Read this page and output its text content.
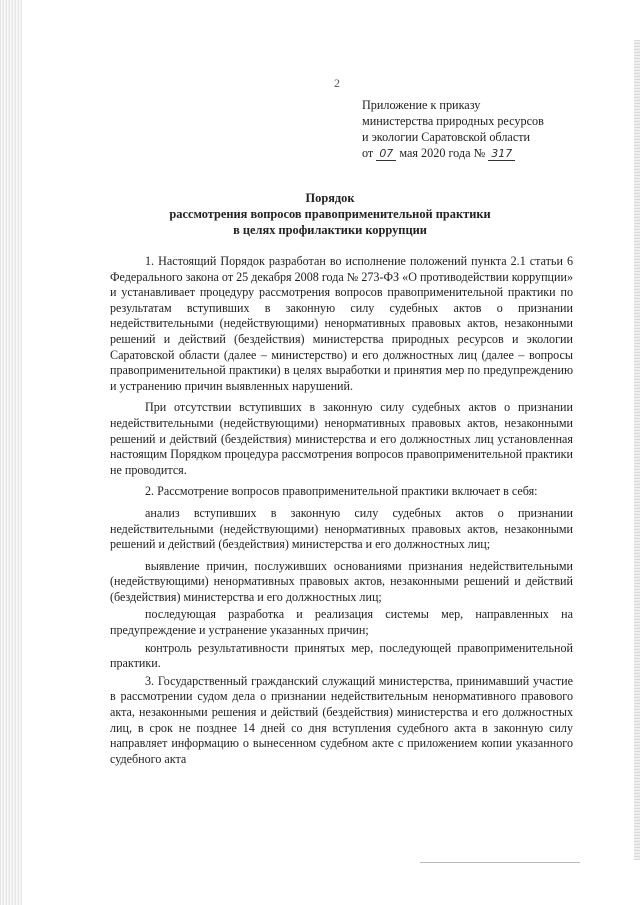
2
Приложение к приказу
министерства природных ресурсов
и экологии Саратовской области
от 07 мая 2020 года № 317
Порядок
рассмотрения вопросов правоприменительной практики
в целях профилактики коррупции

1. Настоящий Порядок разработан во исполнение положений пункта 2.1 статьи 6 Федерального закона от 25 декабря 2008 года № 273-ФЗ «О противодействии коррупции» и устанавливает процедуру рассмотрения вопросов правоприменительной практики по результатам вступивших в законную силу судебных актов о признании недействительными (недействующими) ненормативных правовых актов, незаконными решений и действий (бездействия) министерства природных ресурсов и экологии Саратовской области (далее – министерство) и его должностных лиц (далее – вопросы правоприменительной практики) в целях выработки и принятия мер по предупреждению и устранению причин выявленных нарушений.

При отсутствии вступивших в законную силу судебных актов о признании недействительными (недействующими) ненормативных правовых актов, незаконными решений и действий (бездействия) министерства и его должностных лиц установленная настоящим Порядком процедура рассмотрения вопросов правоприменительной практики не проводится.

2. Рассмотрение вопросов правоприменительной практики включает в себя:

анализ вступивших в законную силу судебных актов о признании недействительными (недействующими) ненормативных правовых актов, незаконными решений и действий (бездействия) министерства и его должностных лиц;

выявление причин, послуживших основаниями признания недействительными (недействующими) ненормативных правовых актов, незаконными решений и действий (бездействия) министерства и его должностных лиц;

последующая разработка и реализация системы мер, направленных на предупреждение и устранение указанных причин;

контроль результативности принятых мер, последующей правоприменительной практики.

3. Государственный гражданский служащий министерства, принимавший участие в рассмотрении судом дела о признании недействительным ненормативного правового акта, незаконными решения и действий (бездействия) министерства и его должностных лиц, в срок не позднее 14 дней со дня вступления судебного акта в законную силу направляет информацию о вынесенном судебном акте с приложением копии указанного судебного акта
